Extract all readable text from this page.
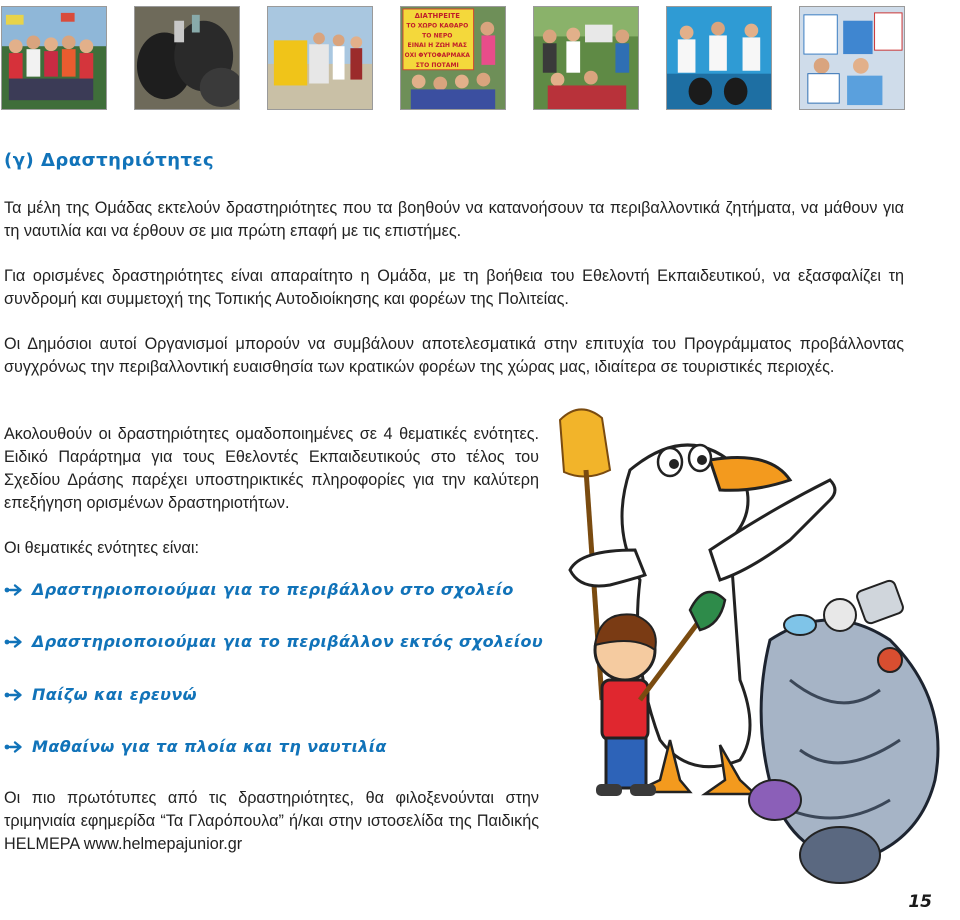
ΔΙΑΤΗΡΕΙΤΕ
ΤΟ ΧΩΡΟ ΚΑΘΑΡΟ
ΤΟ ΝΕΡΟ
ΕΙΝΑΙ Η ΖΩΗ ΜΑΣ
ΟΧΙ ΦΥΤΟΦΑΡΜΑΚΑ
ΣΤΟ ΠΟΤΑΜΙ
(γ) Δραστηριότητες

Τα μέλη της Ομάδας εκτελούν δραστηριότητες που τα βοηθούν να κατανοήσουν τα περιβαλλοντικά ζητήματα, να μάθουν για τη ναυτιλία και να έρθουν σε μια πρώτη επαφή με τις επιστήμες.

Για ορισμένες δραστηριότητες είναι απαραίτητο η Ομάδα, με τη βοήθεια του Εθελοντή Εκπαιδευτικού, να εξασφαλίζει τη συνδρομή και συμμετοχή της Τοπικής Αυτοδιοίκησης και φορέων της Πολιτείας.

Οι Δημόσιοι αυτοί Οργανισμοί μπορούν να συμβάλουν αποτελεσματικά στην επιτυχία του Προγράμματος προβάλλοντας συγχρόνως την περιβαλλοντική ευαισθησία των κρατικών φορέων της χώρας μας, ιδιαίτερα σε τουριστικές περιοχές.

Ακολουθούν οι δραστηριότητες ομαδοποιημένες σε 4 θεματικές ενότητες. Ειδικό Παράρτημα για τους Εθελοντές Εκπαιδευτικούς στο τέλος του Σχεδίου Δράσης παρέχει υποστηρικτικές πληροφορίες για την καλύτερη επεξήγηση ορισμένων δραστηριοτήτων.

Οι θεματικές ενότητες είναι:

Δραστηριοποιούμαι για το περιβάλλον στο σχολείο
Δραστηριοποιούμαι για το περιβάλλον εκτός σχολείου
Παίζω και ερευνώ
Μαθαίνω για τα πλοία και τη ναυτιλία

Οι πιο πρωτότυπες από τις δραστηριότητες, θα φιλοξενούνται στην τριμηνιαία εφημερίδα “Τα Γλαρόπουλα” ή/και στην ιστοσελίδα της Παιδικής HELMEPA www.helmepajunior.gr

15
